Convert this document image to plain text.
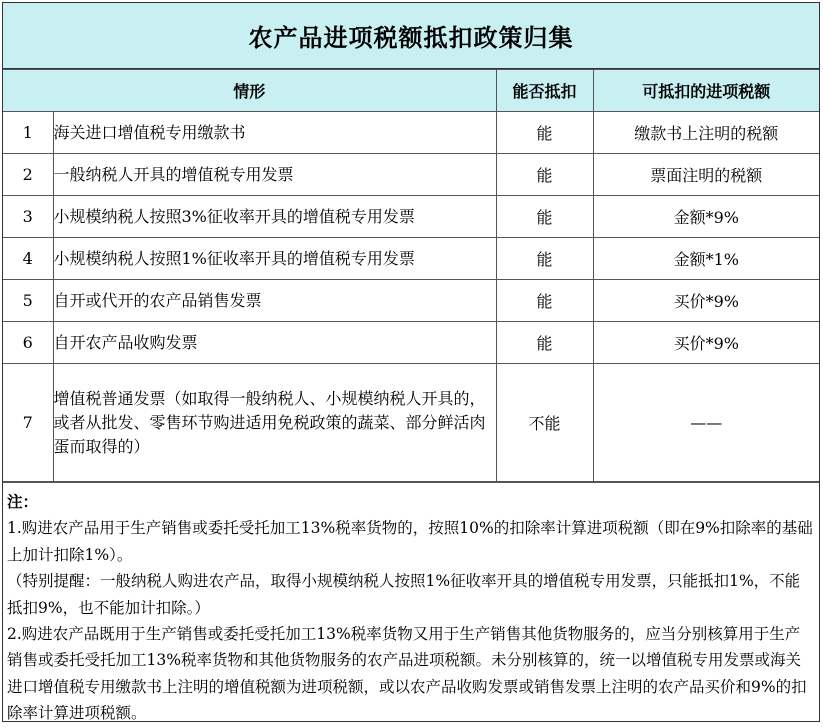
农产品进项税额抵扣政策归集
情形		能否抵扣	可抵扣的进项税额
1	海关进口增值税专用缴款书	能	缴款书上注明的税额
2	一般纳税人开具的增值税专用发票	能	票面注明的税额
3	小规模纳税人按照3%征收率开具的增值税专用发票	能	金额*9%
4	小规模纳税人按照1%征收率开具的增值税专用发票	能	金额*1%
5	自开或代开的农产品销售发票	能	买价*9%
6	自开农产品收购发票	能	买价*9%
7	增值税普通发票（如取得一般纳税人、小规模纳税人开具的，或者从批发、零售环节购进适用免税政策的蔬菜、部分鲜活肉蛋而取得的）	不能	——

注：

1.购进农产品用于生产销售或委托受托加工13%税率货物的，按照10%的扣除率计算进项税额（即在9%扣除率的基础上加计扣除1%）。

（特别提醒：一般纳税人购进农产品，取得小规模纳税人按照1%征收率开具的增值税专用发票，只能抵扣1%，不能抵扣9%，也不能加计扣除。）

2.购进农产品既用于生产销售或委托受托加工13%税率货物又用于生产销售其他货物服务的，应当分别核算用于生产销售或委托受托加工13%税率货物和其他货物服务的农产品进项税额。未分别核算的，统一以增值税专用发票或海关进口增值税专用缴款书上注明的增值税额为进项税额，或以农产品收购发票或销售发票上注明的农产品买价和9%的扣除率计算进项税额。
